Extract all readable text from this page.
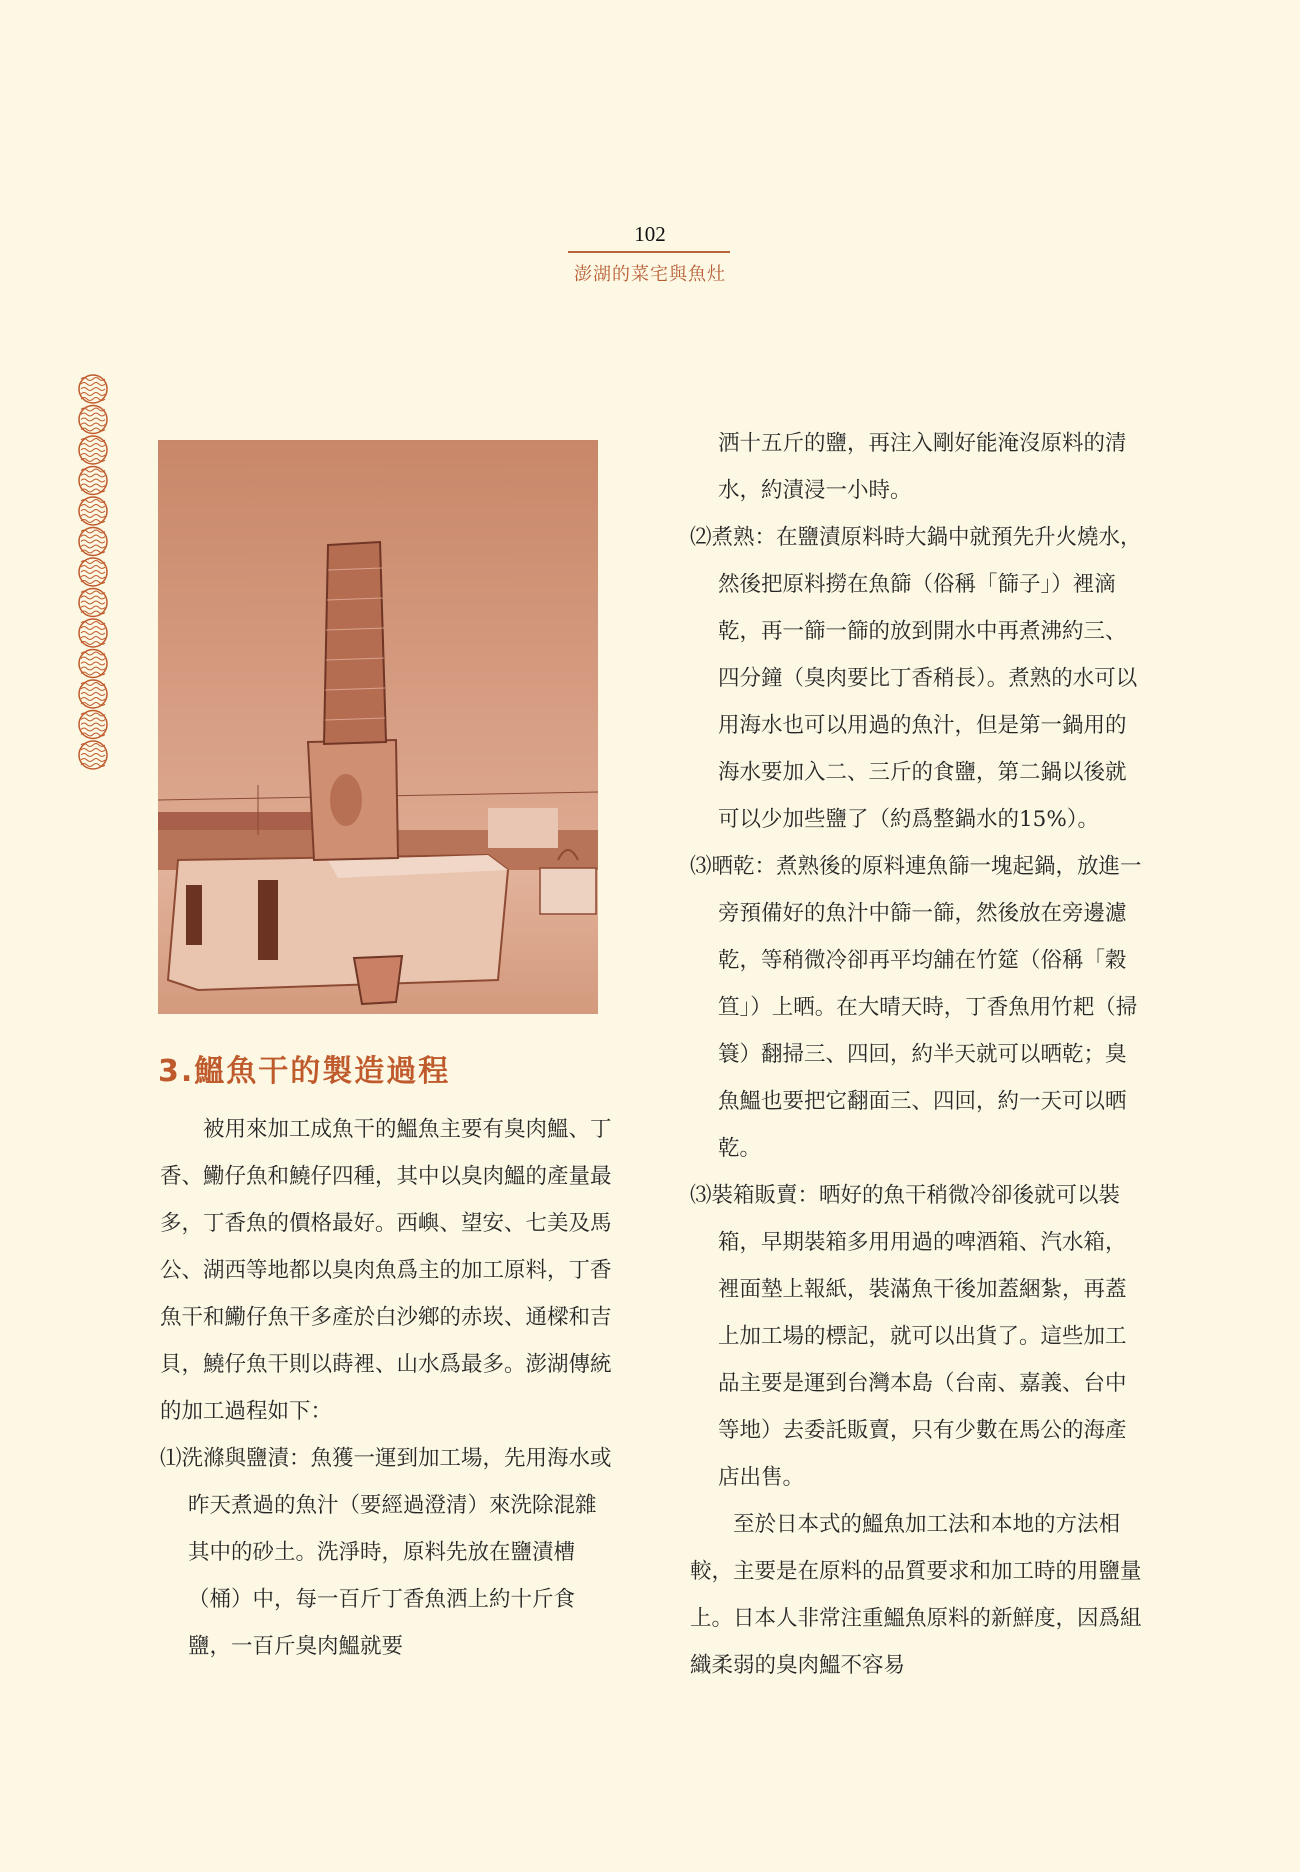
102
澎湖的菜宅與魚灶
3.鰮魚干的製造過程

被用來加工成魚干的鰮魚主要有臭肉鰮、丁香、鰳仔魚和鱙仔四種，其中以臭肉鰮的產量最多，丁香魚的價格最好。西嶼、望安、七美及馬公、湖西等地都以臭肉魚爲主的加工原料，丁香魚干和鰳仔魚干多產於白沙鄉的赤崁、通樑和吉貝，鱙仔魚干則以蒔裡、山水爲最多。澎湖傳統的加工過程如下：

⑴洗滌與鹽漬：魚獲一運到加工場，先用海水或昨天煮過的魚汁（要經過澄清）來洗除混雜其中的砂土。洗淨時，原料先放在鹽漬槽（桶）中，每一百斤丁香魚洒上約十斤食鹽，一百斤臭肉鰮就要

洒十五斤的鹽，再注入剛好能淹沒原料的清水，約漬浸一小時。

⑵煮熟：在鹽漬原料時大鍋中就預先升火燒水，然後把原料撈在魚篩（俗稱「篩子」）裡滴乾，再一篩一篩的放到開水中再煮沸約三、四分鐘（臭肉要比丁香稍長）。煮熟的水可以用海水也可以用過的魚汁，但是第一鍋用的海水要加入二、三斤的食鹽，第二鍋以後就可以少加些鹽了（約爲整鍋水的15%）。

⑶晒乾：煮熟後的原料連魚篩一塊起鍋，放進一旁預備好的魚汁中篩一篩，然後放在旁邊濾乾，等稍微冷卻再平均舖在竹筵（俗稱「穀笪」）上晒。在大晴天時，丁香魚用竹耙（掃簑）翻掃三、四回，約半天就可以晒乾；臭魚鰮也要把它翻面三、四回，約一天可以晒乾。

⑶裝箱販賣：晒好的魚干稍微冷卻後就可以裝箱，早期裝箱多用用過的啤酒箱、汽水箱，裡面墊上報紙，裝滿魚干後加蓋綑紮，再蓋上加工場的標記，就可以出貨了。這些加工品主要是運到台灣本島（台南、嘉義、台中等地）去委託販賣，只有少數在馬公的海產店出售。

至於日本式的鰮魚加工法和本地的方法相較，主要是在原料的品質要求和加工時的用鹽量上。日本人非常注重鰮魚原料的新鮮度，因爲組織柔弱的臭肉鰮不容易
